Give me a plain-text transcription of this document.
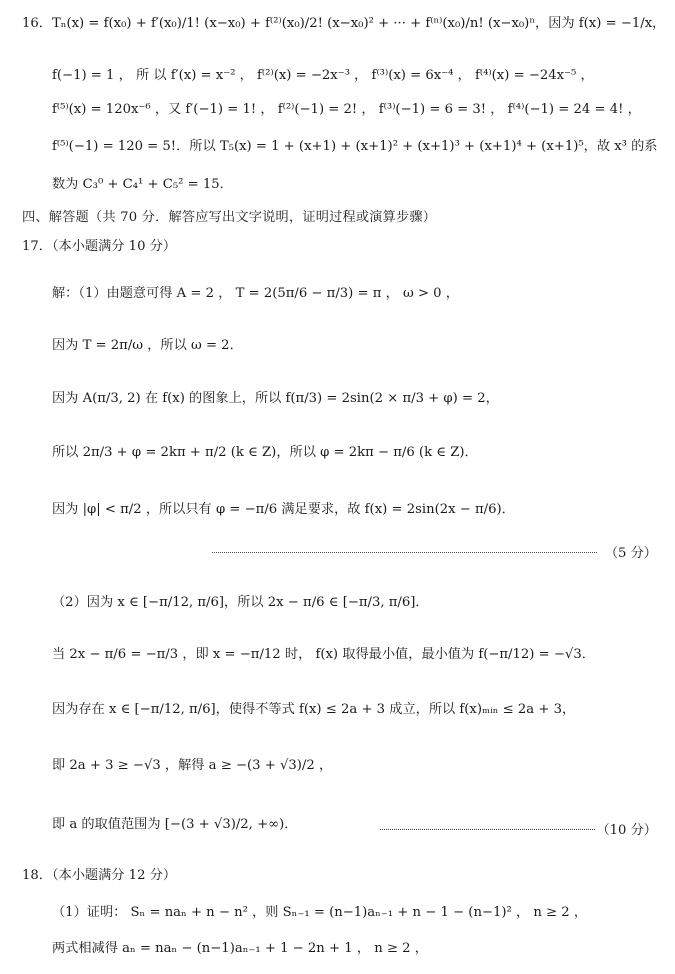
16．Tₙ(x) = f(x₀) + f′(x₀)/1! (x−x₀) + f⁽²⁾(x₀)/2! (x−x₀)² + ··· + f⁽ⁿ⁾(x₀)/n! (x−x₀)ⁿ，因为 f(x) = −1/x，
f(−1) = 1 ， 所 以 f′(x) = x⁻² ， f⁽²⁾(x) = −2x⁻³ ， f⁽³⁾(x) = 6x⁻⁴ ， f⁽⁴⁾(x) = −24x⁻⁵ ，
f⁽⁵⁾(x) = 120x⁻⁶ ，又 f′(−1) = 1! ， f⁽²⁾(−1) = 2! ， f⁽³⁾(−1) = 6 = 3! ， f⁽⁴⁾(−1) = 24 = 4! ，
f⁽⁵⁾(−1) = 120 = 5!．所以 T₅(x) = 1 + (x+1) + (x+1)² + (x+1)³ + (x+1)⁴ + (x+1)⁵，故 x³ 的系
数为 C₃⁰ + C₄¹ + C₅² = 15．
四、解答题（共 70 分．解答应写出文字说明，证明过程或演算步骤）
17．（本小题满分 10 分）
解：（1）由题意可得 A = 2 ， T = 2(5π/6 − π/3) = π ， ω > 0 ，
因为 T = 2π/ω ，所以 ω = 2．
因为 A(π/3, 2) 在 f(x) 的图象上，所以 f(π/3) = 2sin(2 × π/3 + φ) = 2，
所以 2π/3 + φ = 2kπ + π/2 (k ∈ Z)，所以 φ = 2kπ − π/6 (k ∈ Z)．
因为 |φ| < π/2 ，所以只有 φ = −π/6 满足要求，故 f(x) = 2sin(2x − π/6)．
（5 分）
（2）因为 x ∈ [−π/12, π/6]，所以 2x − π/6 ∈ [−π/3, π/6]．
当 2x − π/6 = −π/3 ，即 x = −π/12 时， f(x) 取得最小值，最小值为 f(−π/12) = −√3．
因为存在 x ∈ [−π/12, π/6]，使得不等式 f(x) ≤ 2a + 3 成立，所以 f(x)ₘᵢₙ ≤ 2a + 3，
即 2a + 3 ≥ −√3 ，解得 a ≥ −(3 + √3)/2 ，
即 a 的取值范围为 [−(3 + √3)/2, +∞)．	（10 分）
18．（本小题满分 12 分）
（1）证明： Sₙ = naₙ + n − n² ，则 Sₙ₋₁ = (n−1)aₙ₋₁ + n − 1 − (n−1)² ， n ≥ 2 ，
两式相减得 aₙ = naₙ − (n−1)aₙ₋₁ + 1 − 2n + 1 ， n ≥ 2 ，
